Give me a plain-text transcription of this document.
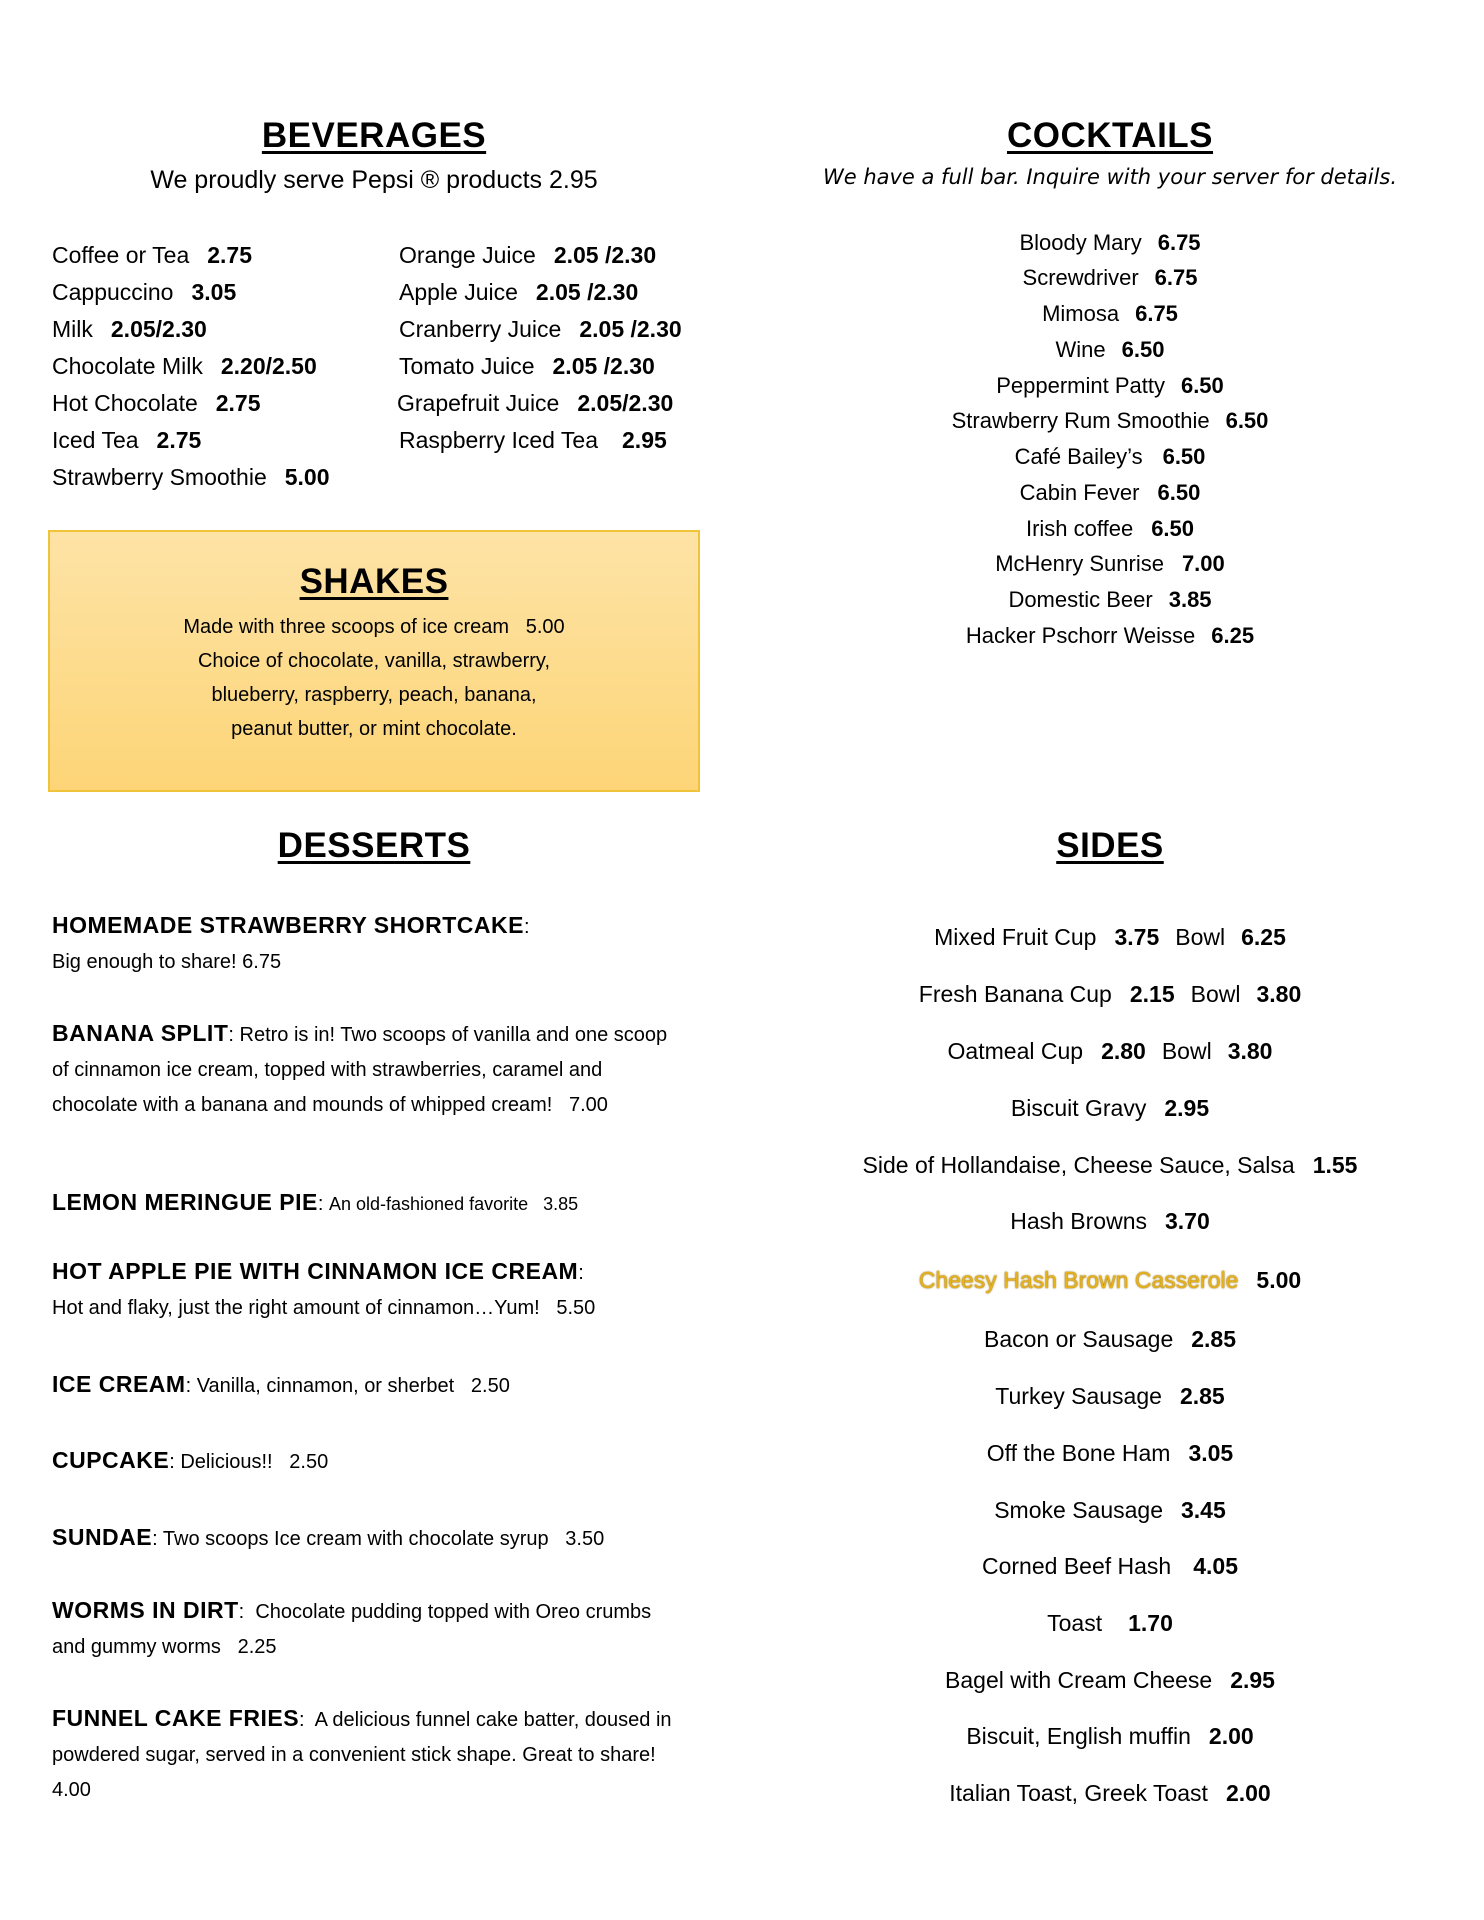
BEVERAGES
We proudly serve Pepsi ® products 2.95
Coffee or Tea 2.75
Cappuccino 3.05
Milk 2.05/2.30
Chocolate Milk 2.20/2.50
Hot Chocolate 2.75
Iced Tea 2.75
Strawberry Smoothie 5.00
Orange Juice 2.05 /2.30
Apple Juice 2.05 /2.30
Cranberry Juice 2.05 /2.30
Tomato Juice 2.05 /2.30
Grapefruit Juice 2.05/2.30
Raspberry Iced Tea 2.95
SHAKES
Made with three scoops of ice cream   5.00
Choice of chocolate, vanilla, strawberry,
blueberry, raspberry, peach, banana,
peanut butter, or mint chocolate.
COCKTAILS
We have a full bar. Inquire with your server for details.
Bloody Mary 6.75
Screwdriver 6.75
Mimosa 6.75
Wine 6.50
Peppermint Patty 6.50
Strawberry Rum Smoothie 6.50
Café Bailey’s 6.50
Cabin Fever 6.50
Irish coffee 6.50
McHenry Sunrise 7.00
Domestic Beer 3.85
Hacker Pschorr Weisse 6.25
DESSERTS
HOMEMADE STRAWBERRY SHORTCAKE:
Big enough to share! 6.75
BANANA SPLIT: Retro is in! Two scoops of vanilla and one scoop of cinnamon ice cream, topped with strawberries, caramel and chocolate with a banana and mounds of whipped cream!   7.00
LEMON MERINGUE PIE: An old-fashioned favorite   3.85
HOT APPLE PIE WITH CINNAMON ICE CREAM:
Hot and flaky, just the right amount of cinnamon…Yum!   5.50
ICE CREAM: Vanilla, cinnamon, or sherbet   2.50
CUPCAKE: Delicious!!   2.50
SUNDAE: Two scoops Ice cream with chocolate syrup   3.50
WORMS IN DIRT:  Chocolate pudding topped with Oreo crumbs and gummy worms   2.25
FUNNEL CAKE FRIES:  A delicious funnel cake batter, doused in powdered sugar, served in a convenient stick shape. Great to share!   4.00
SIDES
Mixed Fruit Cup 3.75 Bowl 6.25
Fresh Banana Cup 2.15 Bowl 3.80
Oatmeal Cup 2.80 Bowl 3.80
Biscuit Gravy 2.95
Side of Hollandaise, Cheese Sauce, Salsa 1.55
Hash Browns 3.70
Cheesy Hash Brown Casserole 5.00
Bacon or Sausage 2.85
Turkey Sausage 2.85
Off the Bone Ham 3.05
Smoke Sausage 3.45
Corned Beef Hash 4.05
Toast 1.70
Bagel with Cream Cheese 2.95
Biscuit, English muffin 2.00
Italian Toast, Greek Toast 2.00
